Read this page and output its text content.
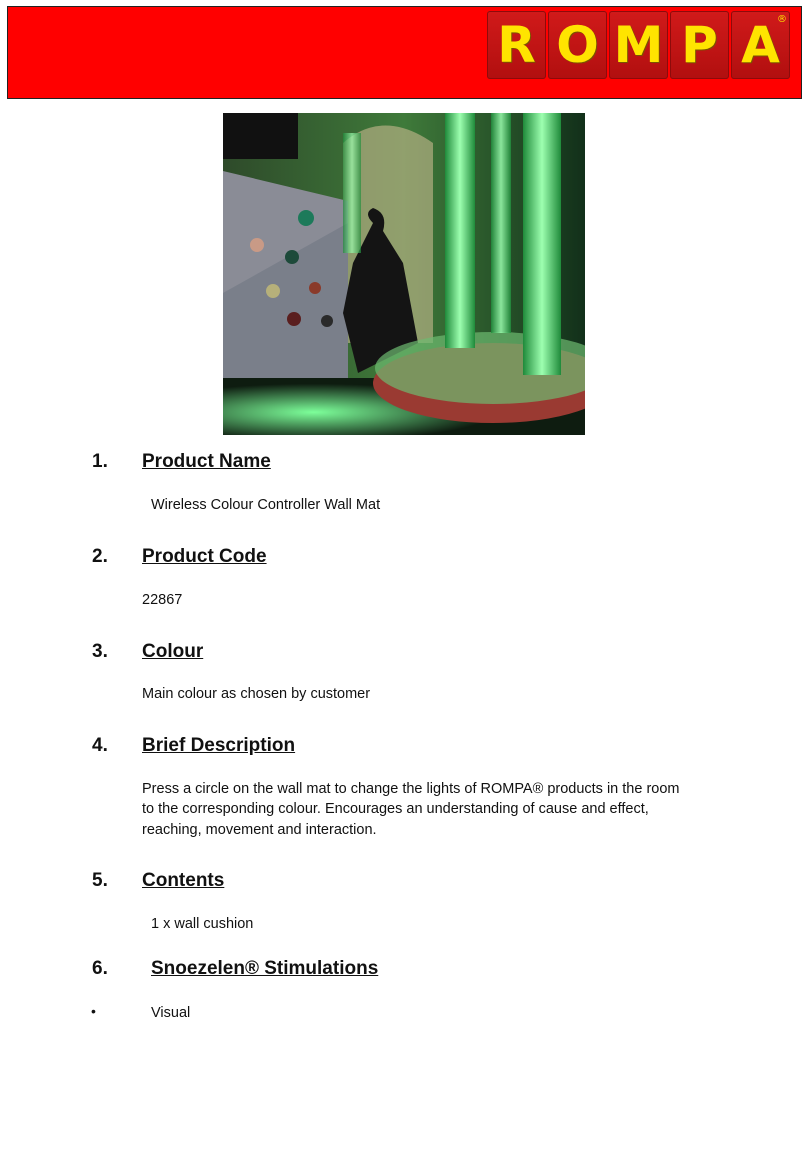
R O M P A
®
1. Product Name
Wireless Colour Controller Wall Mat
2. Product Code
22867
3. Colour
Main colour as chosen by customer
4. Brief Description
Press a circle on the wall mat to change the lights of ROMPA® products in the room
to the corresponding colour. Encourages an understanding of cause and effect,
reaching, movement and interaction.
5. Contents
1 x wall cushion
6. Snoezelen® Stimulations
•	Visual
